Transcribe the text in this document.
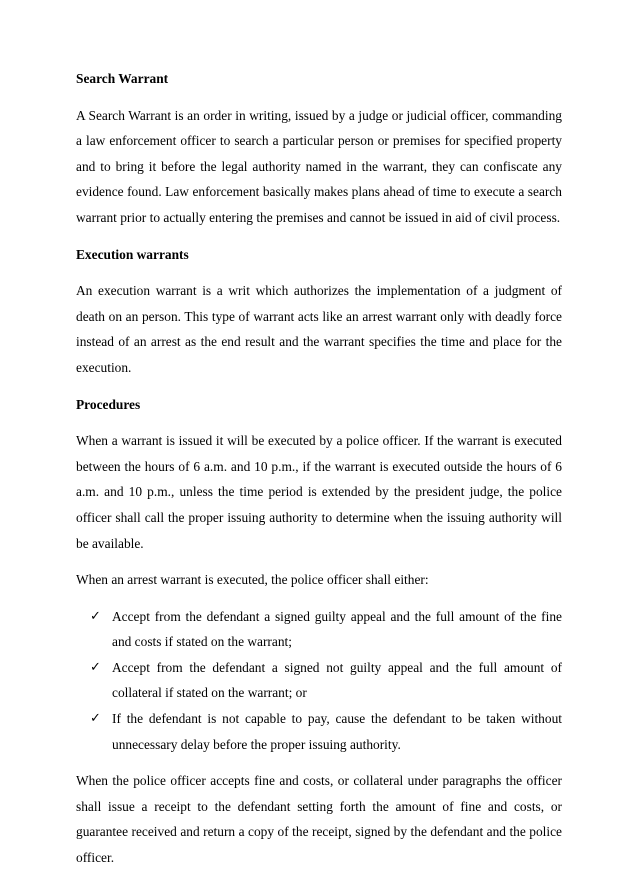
Search Warrant

A Search Warrant is an order in writing, issued by a judge or judicial officer, commanding a law enforcement officer to search a particular person or premises for specified property and to bring it before the legal authority named in the warrant, they can confiscate any evidence found. Law enforcement basically makes plans ahead of time to execute a search warrant prior to actually entering the premises and cannot be issued in aid of civil process.

Execution warrants

An execution warrant is a writ which authorizes the implementation of a judgment of death on an person. This type of warrant acts like an arrest warrant only with deadly force instead of an arrest as the end result and the warrant specifies the time and place for the execution.

Procedures

When a warrant is issued it will be executed by a police officer. If the warrant is executed between the hours of 6 a.m. and 10 p.m., if the warrant is executed outside the hours of 6 a.m. and 10 p.m., unless the time period is extended by the president judge, the police officer shall call the proper issuing authority to determine when the issuing authority will be available.

When an arrest warrant is executed, the police officer shall either:

✓ Accept from the defendant a signed guilty appeal and the full amount of the fine and costs if stated on the warrant;
✓ Accept from the defendant a signed not guilty appeal and the full amount of collateral if stated on the warrant; or
✓ If the defendant is not capable to pay, cause the defendant to be taken without unnecessary delay before the proper issuing authority.

When the police officer accepts fine and costs, or collateral under paragraphs the officer shall issue a receipt to the defendant setting forth the amount of fine and costs, or guarantee received and return a copy of the receipt, signed by the defendant and the police officer.
